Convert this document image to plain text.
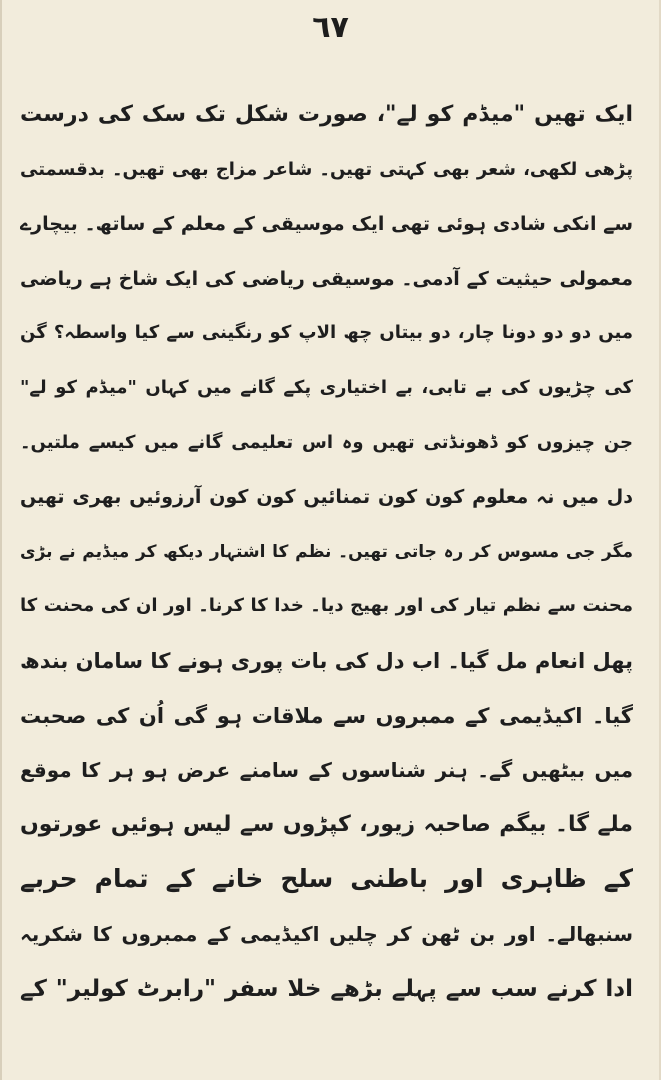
٦٧
ایک تھیں "میڈم کو لے"، صورت شکل تک سک کی درست
پڑھی لکھی، شعر بھی کہتی تھیں۔ شاعر مزاج بھی تھیں۔ بدقسمتی
سے انکی شادی ہوئی تھی ایک موسیقی کے معلم کے ساتھ۔ بیچارے
معمولی حیثیت کے آدمی۔ موسیقی ریاضی کی ایک شاخ ہے ریاضی
میں دو دو دونا چار، دو بیتاں چھ الاپ کو رنگینی سے کیا واسطہ؟ گن
کی چڑیوں کی بے تابی، بے اختیاری پکے گانے میں کہاں "میڈم کو لے"
جن چیزوں کو ڈھونڈتی تھیں وہ اس تعلیمی گانے میں کیسے ملتیں۔
دل میں نہ معلوم کون کون تمنائیں کون کون آرزوئیں بھری تھیں
مگر جی مسوس کر رہ جاتی تھیں۔ نظم کا اشتہار دیکھ کر میڈیم نے بڑی
محنت سے نظم تیار کی اور بھیج دیا۔ خدا کا کرنا۔ اور ان کی محنت کا
پھل انعام مل گیا۔ اب دل کی بات پوری ہونے کا سامان بندھ
گیا۔ اکیڈیمی کے ممبروں سے ملاقات ہو گی اُن کی صحبت
میں بیٹھیں گے۔ ہنر شناسوں کے سامنے عرض ہو ہر کا موقع
ملے گا۔ بیگم صاحبہ زیور، کپڑوں سے لیس ہوئیں عورتوں
کے ظاہری اور باطنی سلح خانے کے تمام حربے
سنبھالے۔ اور بن ٹھن کر چلیں اکیڈیمی کے ممبروں کا شکریہ
ادا کرنے سب سے پہلے بڑھے خلا سفر "رابرٹ کولیر" کے
